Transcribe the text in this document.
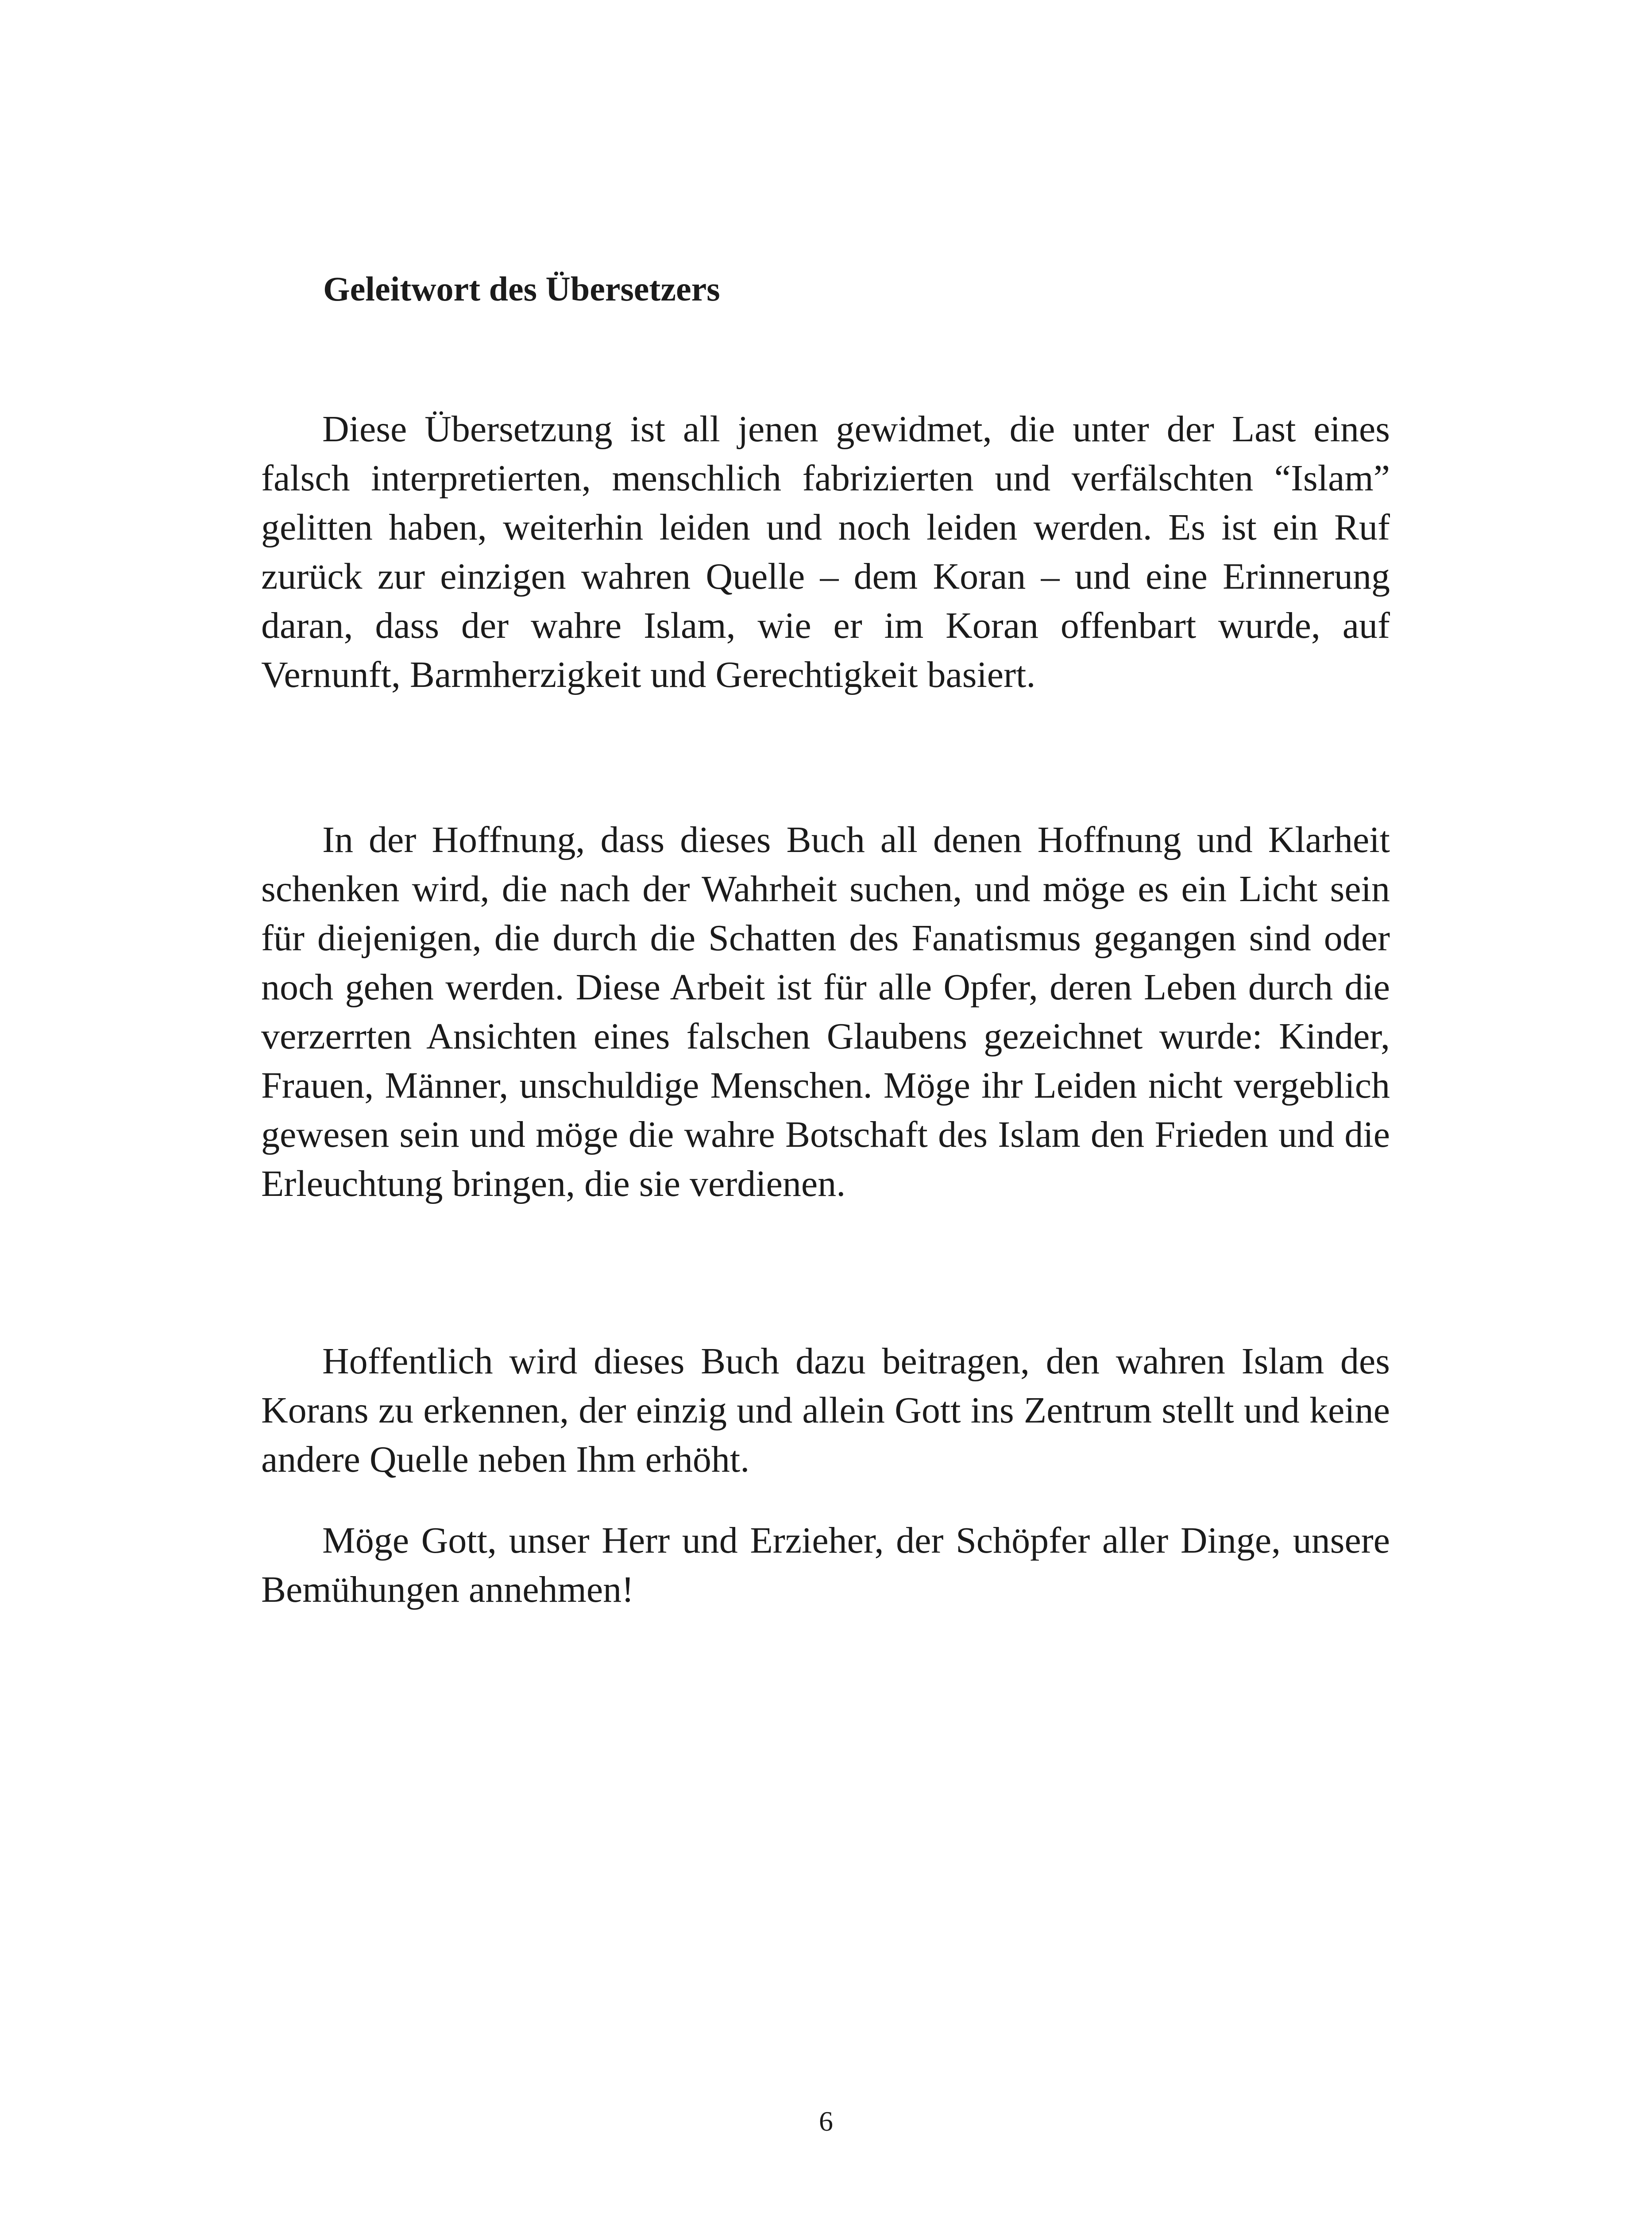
Geleitwort des Übersetzers

Diese Übersetzung ist all jenen gewidmet, die unter der Last eines falsch interpretierten, menschlich fabrizierten und verfälschten “Islam” gelitten haben, weiterhin leiden und noch leiden werden. Es ist ein Ruf zurück zur einzigen wahren Quelle – dem Koran – und eine Erinnerung daran, dass der wahre Islam, wie er im Koran offenbart wurde, auf Vernunft, Barmherzigkeit und Gerechtigkeit basiert.

In der Hoffnung, dass dieses Buch all denen Hoffnung und Klarheit schenken wird, die nach der Wahrheit suchen, und möge es ein Licht sein für diejenigen, die durch die Schatten des Fanatismus gegangen sind oder noch gehen werden. Diese Arbeit ist für alle Opfer, deren Leben durch die verzerrten Ansichten eines falschen Glaubens gezeichnet wurde: Kinder, Frauen, Männer, unschuldige Menschen. Möge ihr Leiden nicht vergeblich gewesen sein und möge die wahre Botschaft des Islam den Frieden und die Erleuchtung bringen, die sie verdienen.

Hoffentlich wird dieses Buch dazu beitragen, den wahren Islam des Korans zu erkennen, der einzig und allein Gott ins Zentrum stellt und keine andere Quelle neben Ihm erhöht.

Möge Gott, unser Herr und Erzieher, der Schöpfer aller Dinge, unsere Bemühungen annehmen!

6
